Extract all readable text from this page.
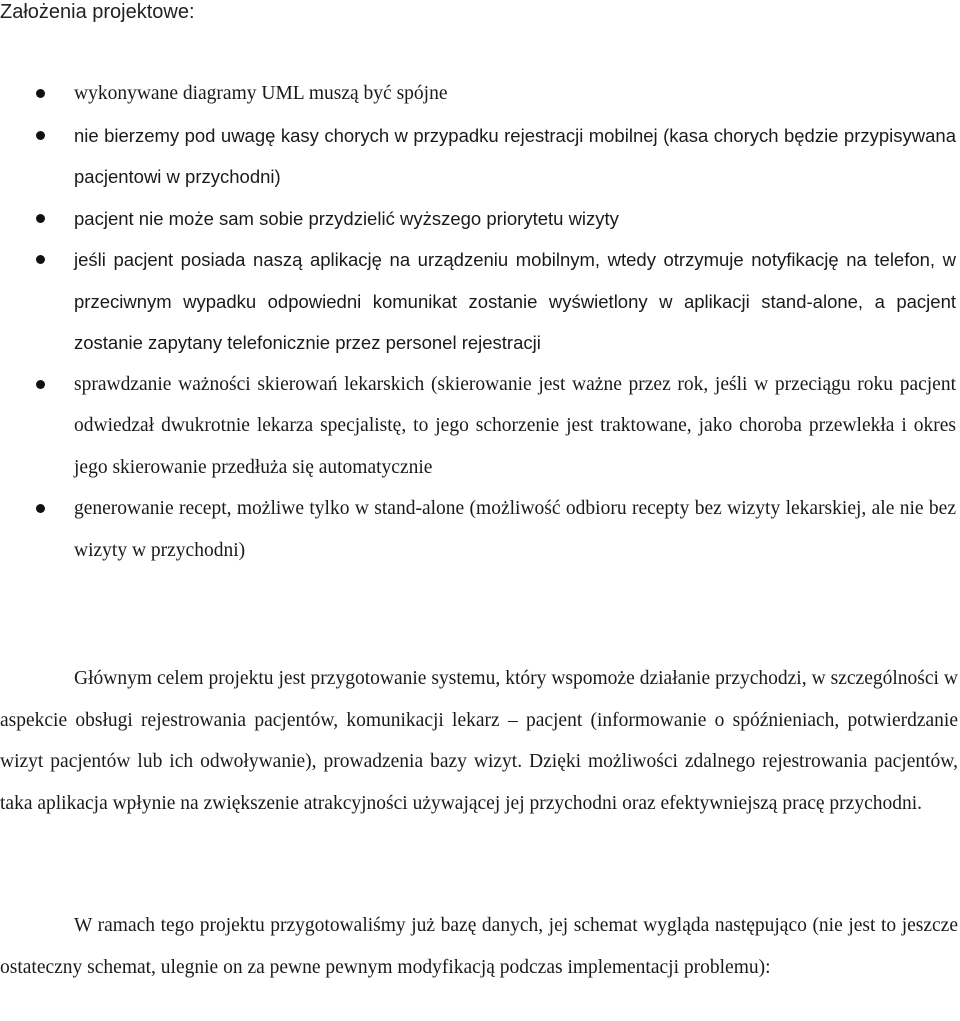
Założenia projektowe:
wykonywane diagramy UML muszą być spójne
nie bierzemy pod uwagę kasy chorych w przypadku rejestracji mobilnej (kasa chorych będzie przypisywana pacjentowi w przychodni)
pacjent nie może sam sobie przydzielić wyższego priorytetu wizyty
jeśli pacjent posiada naszą aplikację na urządzeniu mobilnym, wtedy otrzymuje notyfikację na telefon, w przeciwnym wypadku odpowiedni komunikat zostanie wyświetlony w aplikacji stand-alone, a pacjent zostanie zapytany telefonicznie przez personel rejestracji
sprawdzanie ważności skierowań lekarskich (skierowanie jest ważne przez rok, jeśli w przeciągu roku pacjent odwiedzał dwukrotnie lekarza specjalistę, to jego schorzenie jest traktowane, jako choroba przewlekła i okres jego skierowanie przedłuża się automatycznie
generowanie recept, możliwe tylko w stand-alone (możliwość odbioru recepty bez wizyty lekarskiej, ale nie bez wizyty w przychodni)

Głównym celem projektu jest przygotowanie systemu, który wspomoże działanie przychodzi, w szczególności w aspekcie obsługi rejestrowania pacjentów, komunikacji lekarz – pacjent (informowanie o spóźnieniach, potwierdzanie wizyt pacjentów lub ich odwoływanie), prowadzenia bazy wizyt. Dzięki możliwości zdalnego rejestrowania pacjentów, taka aplikacja wpłynie na zwiększenie atrakcyjności używającej jej przychodni oraz efektywniejszą pracę przychodni.

W ramach tego projektu przygotowaliśmy już bazę danych, jej schemat wygląda następująco (nie jest to jeszcze ostateczny schemat, ulegnie on za pewne pewnym modyfikacją podczas implementacji problemu):
